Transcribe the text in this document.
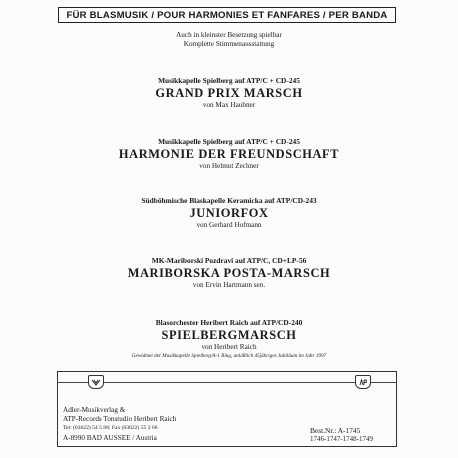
FÜR BLASMUSIK / POUR HARMONIES ET FANFARES / PER BANDA
Auch in kleinster Besetzung spielbar
Komplette Stimmenausstattung
Musikkapelle Spielberg auf ATP/C + CD-245
GRAND PRIX MARSCH
von Max Haubner
Musikkapelle Spielberg auf ATP/C + CD-245
HARMONIE DER FREUNDSCHAFT
von Helmut Zechner
Südböhmische Blaskapelle Keramicka auf ATP/CD-243
JUNIORFOX
von Gerhard Hofmann
MK-Mariborski Pozdravi auf ATP/C, CD+LP-56
MARIBORSKA POSTA-MARSCH
von Ervin Hartmann sen.
Blasorchester Heribert Raich auf ATP/CD-240
SPIELBERGMARSCH
von Heribert Raich
Gewidmet der Musikkapelle Spielberg/A-1 Ring, anläßlich 45jähriges Jubiläum im Jahr 1997
Adler-Musikverlag &
ATP-Records Tonstudio Heribert Raich
Tel: (03622) 54 5 88; Fax (03622) 55 2 66
A-8990 BAD AUSSEE / Austria
Best.Nr.: A-1745
1746-1747-1748-1749
